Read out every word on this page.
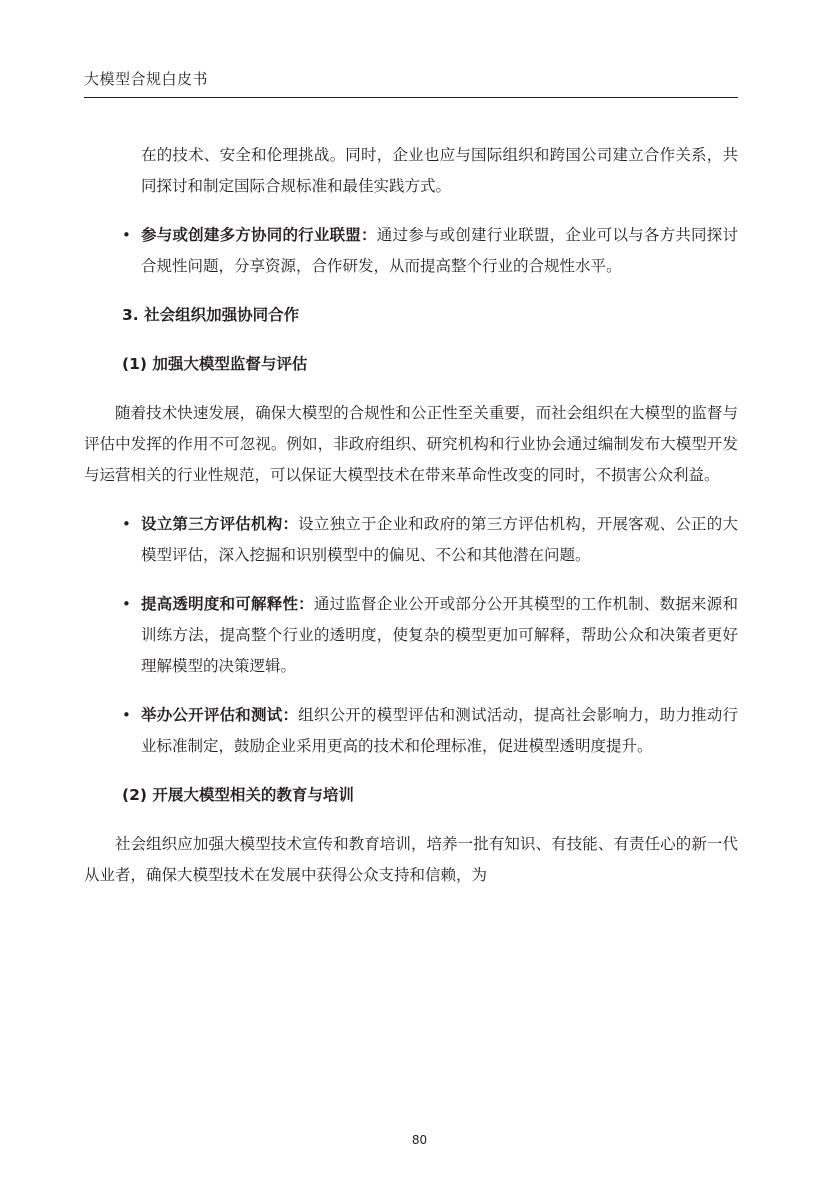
大模型合规白皮书

在的技术、安全和伦理挑战。同时，企业也应与国际组织和跨国公司建立合作关系，共同探讨和制定国际合规标准和最佳实践方式。

• 参与或创建多方协同的行业联盟：通过参与或创建行业联盟，企业可以与各方共同探讨合规性问题，分享资源，合作研发，从而提高整个行业的合规性水平。

3. 社会组织加强协同合作

(1) 加强大模型监督与评估

随着技术快速发展，确保大模型的合规性和公正性至关重要，而社会组织在大模型的监督与评估中发挥的作用不可忽视。例如，非政府组织、研究机构和行业协会通过编制发布大模型开发与运营相关的行业性规范，可以保证大模型技术在带来革命性改变的同时，不损害公众利益。

• 设立第三方评估机构：设立独立于企业和政府的第三方评估机构，开展客观、公正的大模型评估，深入挖掘和识别模型中的偏见、不公和其他潜在问题。

• 提高透明度和可解释性：通过监督企业公开或部分公开其模型的工作机制、数据来源和训练方法，提高整个行业的透明度，使复杂的模型更加可解释，帮助公众和决策者更好理解模型的决策逻辑。

• 举办公开评估和测试：组织公开的模型评估和测试活动，提高社会影响力，助力推动行业标准制定，鼓励企业采用更高的技术和伦理标准，促进模型透明度提升。

(2) 开展大模型相关的教育与培训

社会组织应加强大模型技术宣传和教育培训，培养一批有知识、有技能、有责任心的新一代从业者，确保大模型技术在发展中获得公众支持和信赖，为

80
